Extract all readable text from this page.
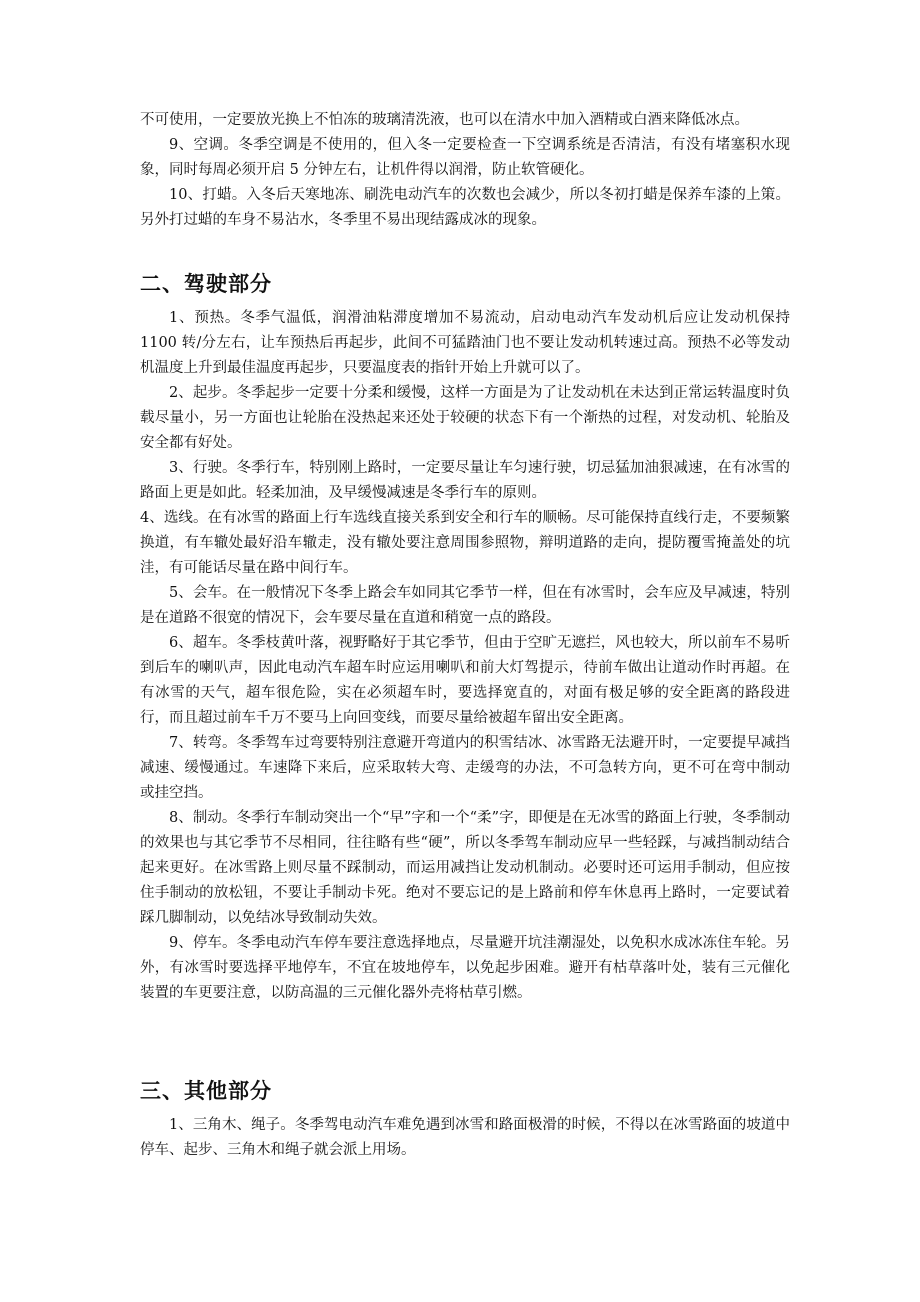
不可使用，一定要放光换上不怕冻的玻璃清洗液，也可以在清水中加入酒精或白酒来降低冰点。

9、空调。冬季空调是不使用的，但入冬一定要检查一下空调系统是否清洁，有没有堵塞积水现象，同时每周必须开启 5 分钟左右，让机件得以润滑，防止软管硬化。

10、打蜡。入冬后天寒地冻、刷洗电动汽车的次数也会减少，所以冬初打蜡是保养车漆的上策。另外打过蜡的车身不易沾水，冬季里不易出现结露成冰的现象。

二、驾驶部分

1、预热。冬季气温低，润滑油粘滞度增加不易流动，启动电动汽车发动机后应让发动机保持 1100 转/分左右，让车预热后再起步，此间不可猛踏油门也不要让发动机转速过高。预热不必等发动机温度上升到最佳温度再起步，只要温度表的指针开始上升就可以了。

2、起步。冬季起步一定要十分柔和缓慢，这样一方面是为了让发动机在未达到正常运转温度时负载尽量小，另一方面也让轮胎在没热起来还处于较硬的状态下有一个渐热的过程，对发动机、轮胎及安全都有好处。

3、行驶。冬季行车，特别刚上路时，一定要尽量让车匀速行驶，切忌猛加油狠减速，在有冰雪的路面上更是如此。轻柔加油，及早缓慢减速是冬季行车的原则。

4、选线。在有冰雪的路面上行车选线直接关系到安全和行车的顺畅。尽可能保持直线行走，不要频繁换道，有车辙处最好沿车辙走，没有辙处要注意周围参照物，辩明道路的走向，提防覆雪掩盖处的坑洼，有可能话尽量在路中间行车。

5、会车。在一般情况下冬季上路会车如同其它季节一样，但在有冰雪时，会车应及早减速，特别是在道路不很宽的情况下，会车要尽量在直道和稍宽一点的路段。

6、超车。冬季枝黄叶落，视野略好于其它季节，但由于空旷无遮拦，风也较大，所以前车不易听到后车的喇叭声，因此电动汽车超车时应运用喇叭和前大灯驾提示，待前车做出让道动作时再超。在有冰雪的天气，超车很危险，实在必须超车时，要选择宽直的，对面有极足够的安全距离的路段进行，而且超过前车千万不要马上向回变线，而要尽量给被超车留出安全距离。

7、转弯。冬季驾车过弯要特别注意避开弯道内的积雪结冰、冰雪路无法避开时，一定要提早减挡减速、缓慢通过。车速降下来后，应采取转大弯、走缓弯的办法，不可急转方向，更不可在弯中制动或挂空挡。

8、制动。冬季行车制动突出一个“早”字和一个“柔”字，即便是在无冰雪的路面上行驶，冬季制动的效果也与其它季节不尽相同，往往略有些“硬”，所以冬季驾车制动应早一些轻踩，与减挡制动结合起来更好。在冰雪路上则尽量不踩制动，而运用减挡让发动机制动。必要时还可运用手制动，但应按住手制动的放松钮，不要让手制动卡死。绝对不要忘记的是上路前和停车休息再上路时，一定要试着踩几脚制动，以免结冰导致制动失效。

9、停车。冬季电动汽车停车要注意选择地点，尽量避开坑洼潮湿处，以免积水成冰冻住车轮。另外，有冰雪时要选择平地停车，不宜在坡地停车，以免起步困难。避开有枯草落叶处，装有三元催化装置的车更要注意，以防高温的三元催化器外壳将枯草引燃。

三、其他部分

1、三角木、绳子。冬季驾电动汽车难免遇到冰雪和路面极滑的时候，不得以在冰雪路面的坡道中停车、起步、三角木和绳子就会派上用场。
